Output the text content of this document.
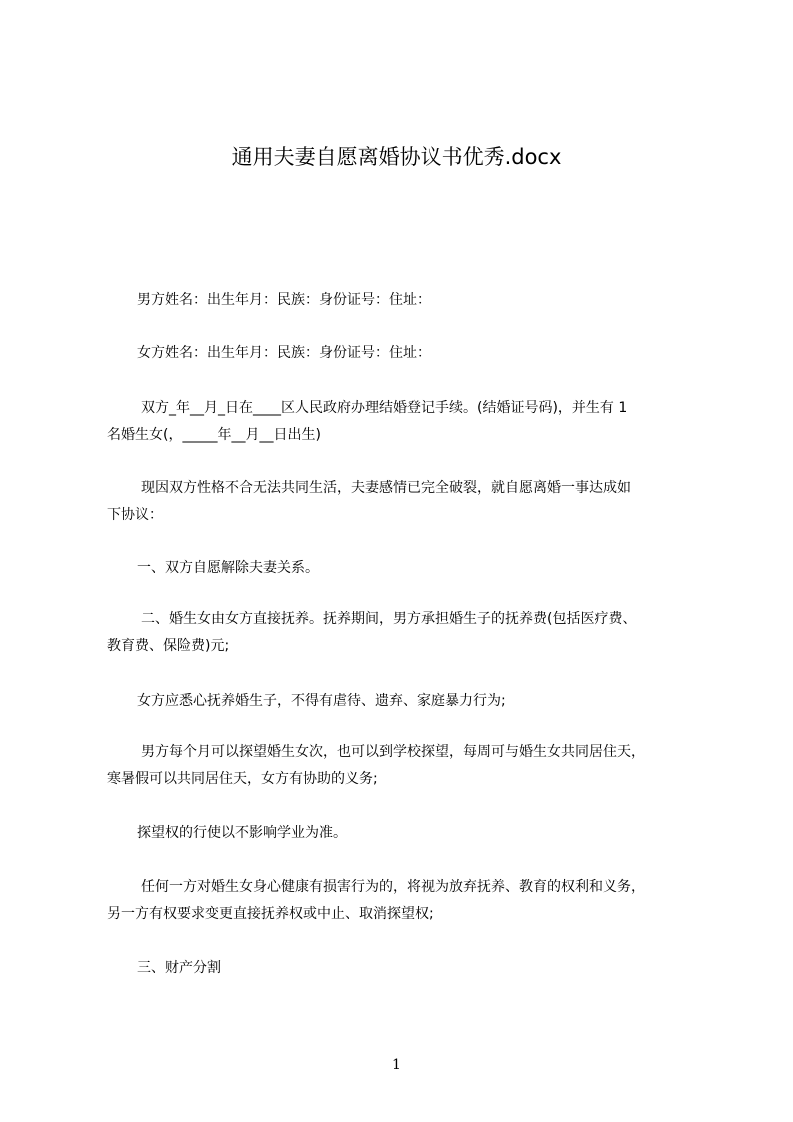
通用夫妻自愿离婚协议书优秀.docx
男方姓名：出生年月：民族：身份证号：住址：
女方姓名：出生年月：民族：身份证号：住址：
双方_年__月_日在____区人民政府办理结婚登记手续。(结婚证号码)，并生有 1
名婚生女(，_____年__月__日出生)
现因双方性格不合无法共同生活，夫妻感情已完全破裂，就自愿离婚一事达成如
下协议：
一、双方自愿解除夫妻关系。
二、婚生女由女方直接抚养。抚养期间，男方承担婚生子的抚养费(包括医疗费、
教育费、保险费)元;
女方应悉心抚养婚生子，不得有虐待、遗弃、家庭暴力行为;
男方每个月可以探望婚生女次，也可以到学校探望，每周可与婚生女共同居住天，
寒暑假可以共同居住天，女方有协助的义务;
探望权的行使以不影响学业为准。
任何一方对婚生女身心健康有损害行为的，将视为放弃抚养、教育的权利和义务，
另一方有权要求变更直接抚养权或中止、取消探望权;
三、财产分割
1
